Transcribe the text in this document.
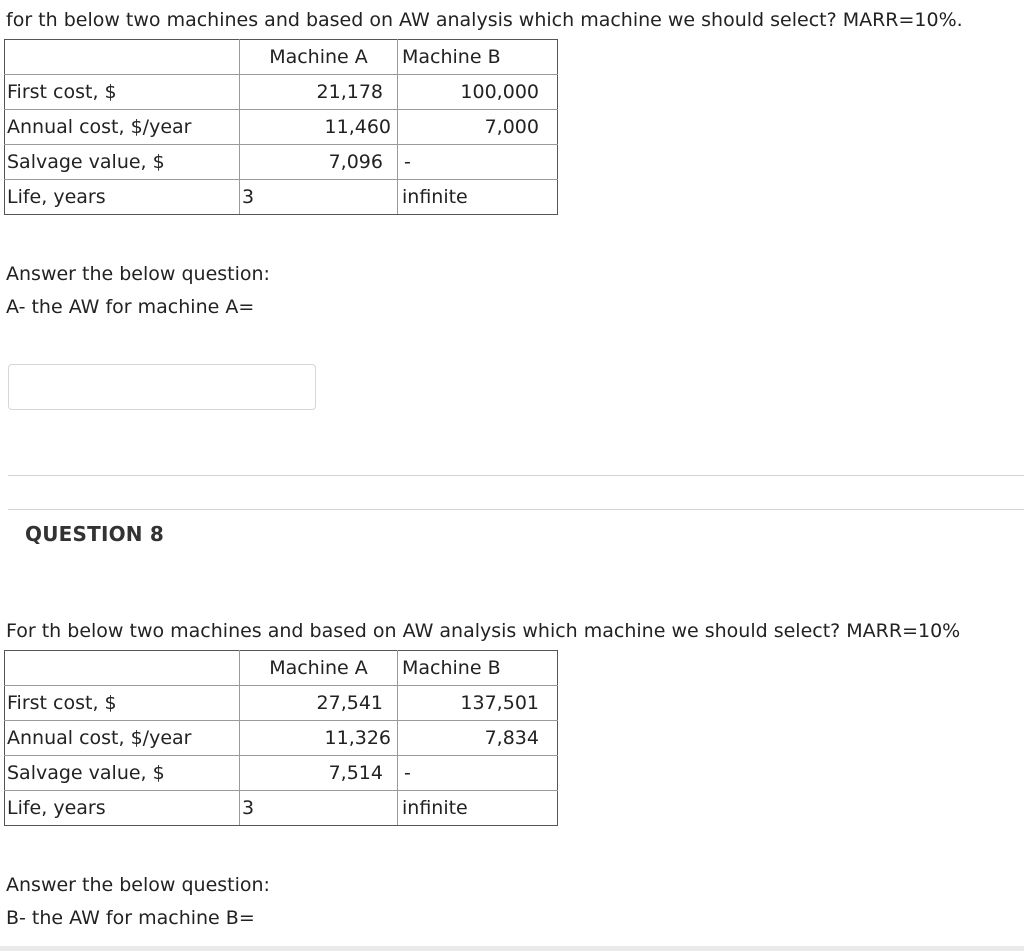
for th below two machines and based on AW analysis which machine we should select? MARR=10%.
	Machine A	Machine B
First cost, $	21,178	100,000
Annual cost, $/year	11,460	7,000
Salvage value, $	7,096	-
Life, years	3	infinite
Answer the below question:
A- the AW for machine A=
QUESTION 8
For th below two machines and based on AW analysis which machine we should select? MARR=10%
	Machine A	Machine B
First cost, $	27,541	137,501
Annual cost, $/year	11,326	7,834
Salvage value, $	7,514	-
Life, years	3	infinite
Answer the below question:
B- the AW for machine B=
